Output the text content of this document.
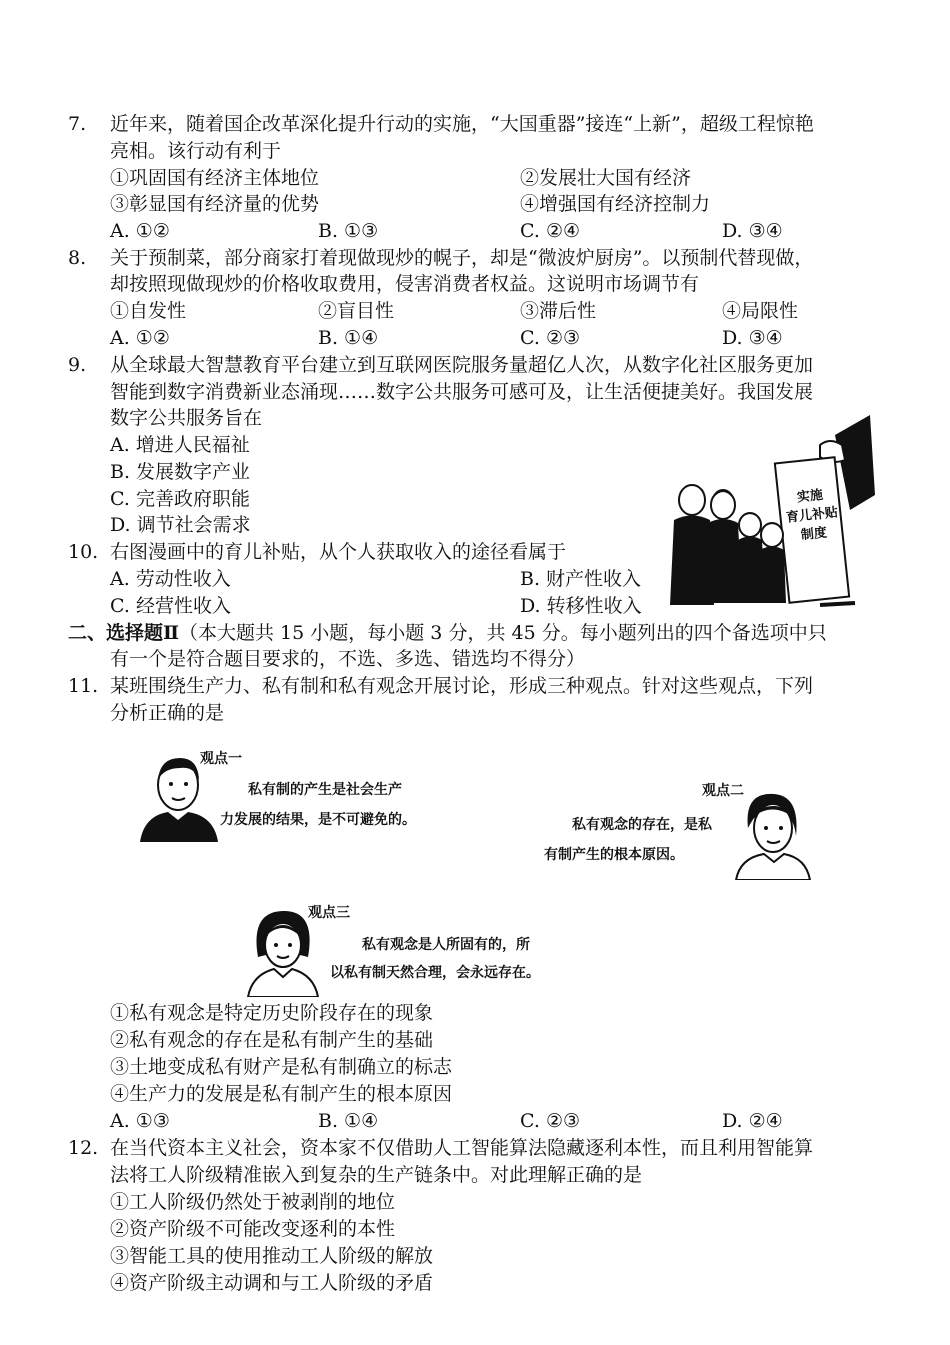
7. 近年来，随着国企改革深化提升行动的实施，“大国重器”接连“上新”，超级工程惊艳
亮相。该行动有利于
①巩固国有经济主体地位	②发展壮大国有经济
③彰显国有经济量的优势	④增强国有经济控制力
A. ①②	B. ①③	C. ②④	D. ③④
8. 关于预制菜，部分商家打着现做现炒的幌子，却是“微波炉厨房”。以预制代替现做，
却按照现做现炒的价格收取费用，侵害消费者权益。这说明市场调节有
①自发性	②盲目性	③滞后性	④局限性
A. ①②	B. ①④	C. ②③	D. ③④
9. 从全球最大智慧教育平台建立到互联网医院服务量超亿人次，从数字化社区服务更加
智能到数字消费新业态涌现……数字公共服务可感可及，让生活便捷美好。我国发展
数字公共服务旨在
A. 增进人民福祉
B. 发展数字产业
C. 完善政府职能
D. 调节社会需求
实施
育儿补贴
制度
10. 右图漫画中的育儿补贴，从个人获取收入的途径看属于
A. 劳动性收入	B. 财产性收入
C. 经营性收入	D. 转移性收入
二、选择题Ⅱ（本大题共 15 小题，每小题 3 分，共 45 分。每小题列出的四个备选项中只
有一个是符合题目要求的，不选、多选、错选均不得分）
11. 某班围绕生产力、私有制和私有观念开展讨论，形成三种观点。针对这些观点，下列
分析正确的是
观点一
私有制的产生是社会生产
力发展的结果，是不可避免的。
观点二
私有观念的存在，是私
有制产生的根本原因。
观点三
私有观念是人所固有的，所
以私有制天然合理，会永远存在。
①私有观念是特定历史阶段存在的现象
②私有观念的存在是私有制产生的基础
③土地变成私有财产是私有制确立的标志
④生产力的发展是私有制产生的根本原因
A. ①③	B. ①④	C. ②③	D. ②④
12. 在当代资本主义社会，资本家不仅借助人工智能算法隐藏逐利本性，而且利用智能算
法将工人阶级精准嵌入到复杂的生产链条中。对此理解正确的是
①工人阶级仍然处于被剥削的地位
②资产阶级不可能改变逐利的本性
③智能工具的使用推动工人阶级的解放
④资产阶级主动调和与工人阶级的矛盾
